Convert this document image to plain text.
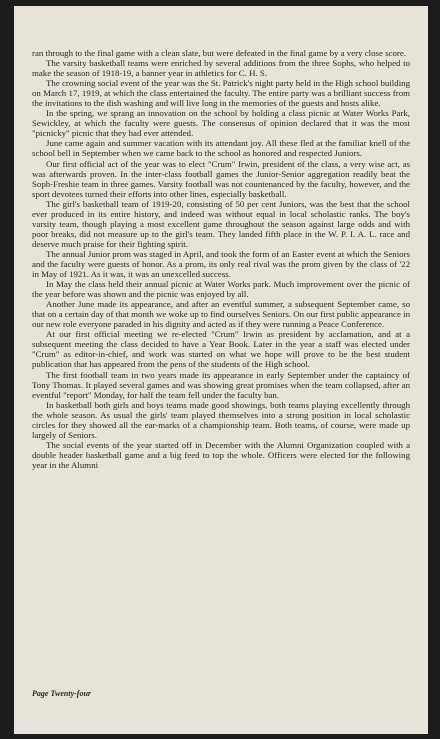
ran through to the final game with a clean slate, but were defeated in the final game by a very close score.

The varsity basketball teams were enriched by several additions from the three Sophs, who helped to make the season of 1918-19, a banner year in athletics for C. H. S.

The crowning social event of the year was the St. Patrick's night party held in the High school building on March 17, 1919, at which the class entertained the faculty. The entire party was a brilliant success from the invitations to the dish washing and will live long in the memories of the guests and hosts alike.

In the spring, we sprang an innovation on the school by holding a class picnic at Water Works Park, Sewickley, at which the faculty were guests. The consensus of opinion declared that it was the most "picnicky" picnic that they had ever attended.

June came again and summer vacation with its attendant joy. All these fled at the familiar knell of the school bell in September when we came back to the school as honored and respected Juniors.

Our first official act of the year was to elect "Crum" Irwin, president of the class, a very wise act, as was afterwards proven. In the inter-class football games the Junior-Senior aggregation readily beat the Soph-Freshie team in three games. Varsity football was not countenanced by the faculty, however, and the sport devotees turned their efforts into other lines, especially basketball.

The girl's basketball team of 1919-20, consisting of 50 per cent Juniors, was the best that the school ever produced in its entire history, and indeed was without equal in local scholastic ranks. The boy's varsity team, though playing a most excellent game throughout the season against large odds and with poor breaks, did not measure up to the girl's team. They landed fifth place in the W. P. I. A. L. race and deserve much praise for their fighting spirit.

The annual Junior prom was staged in April, and took the form of an Easter event at which the Seniors and the faculty were guests of honor. As a prom, its only real rival was the prom given by the class of '22 in May of 1921. As it was, it was an unexcelled success.

In May the class held their annual picnic at Water Works park. Much improvement over the picnic of the year before was shown and the picnic was enjoyed by all.

Another June made its appearance, and after an eventful summer, a subsequent September came, so that on a certain day of that month we woke up to find ourselves Seniors. On our first public appearance in our new role everyone paraded in his dignity and acted as if they were running a Peace Conference.

At our first official meeting we re-elected "Crum" Irwin as president by acclamation, and at a subsequent meeting the class decided to have a Year Book. Later in the year a staff was elected under "Crum" as editor-in-chief, and work was started on what we hope will prove to be the best student publication that has appeared from the pens of the students of the High school.

The first football team in two years made its appearance in early September under the captaincy of Tony Thomas. It played several games and was showing great promises when the team collapsed, after an eventful "report" Monday, for half the team fell under the faculty ban.

In basketball both girls and boys teams made good showings, both teams playing excellently through the whole season. As usual the girls' team played themselves into a strong position in local scholastic circles for they showed all the ear-marks of a championship team. Both teams, of course, were made up largely of Seniors.

The social events of the year started off in December with the Alumni Organization coupled with a double header basketball game and a big feed to top the whole. Officers were elected for the following year in the Alumni

Page Twenty-four
